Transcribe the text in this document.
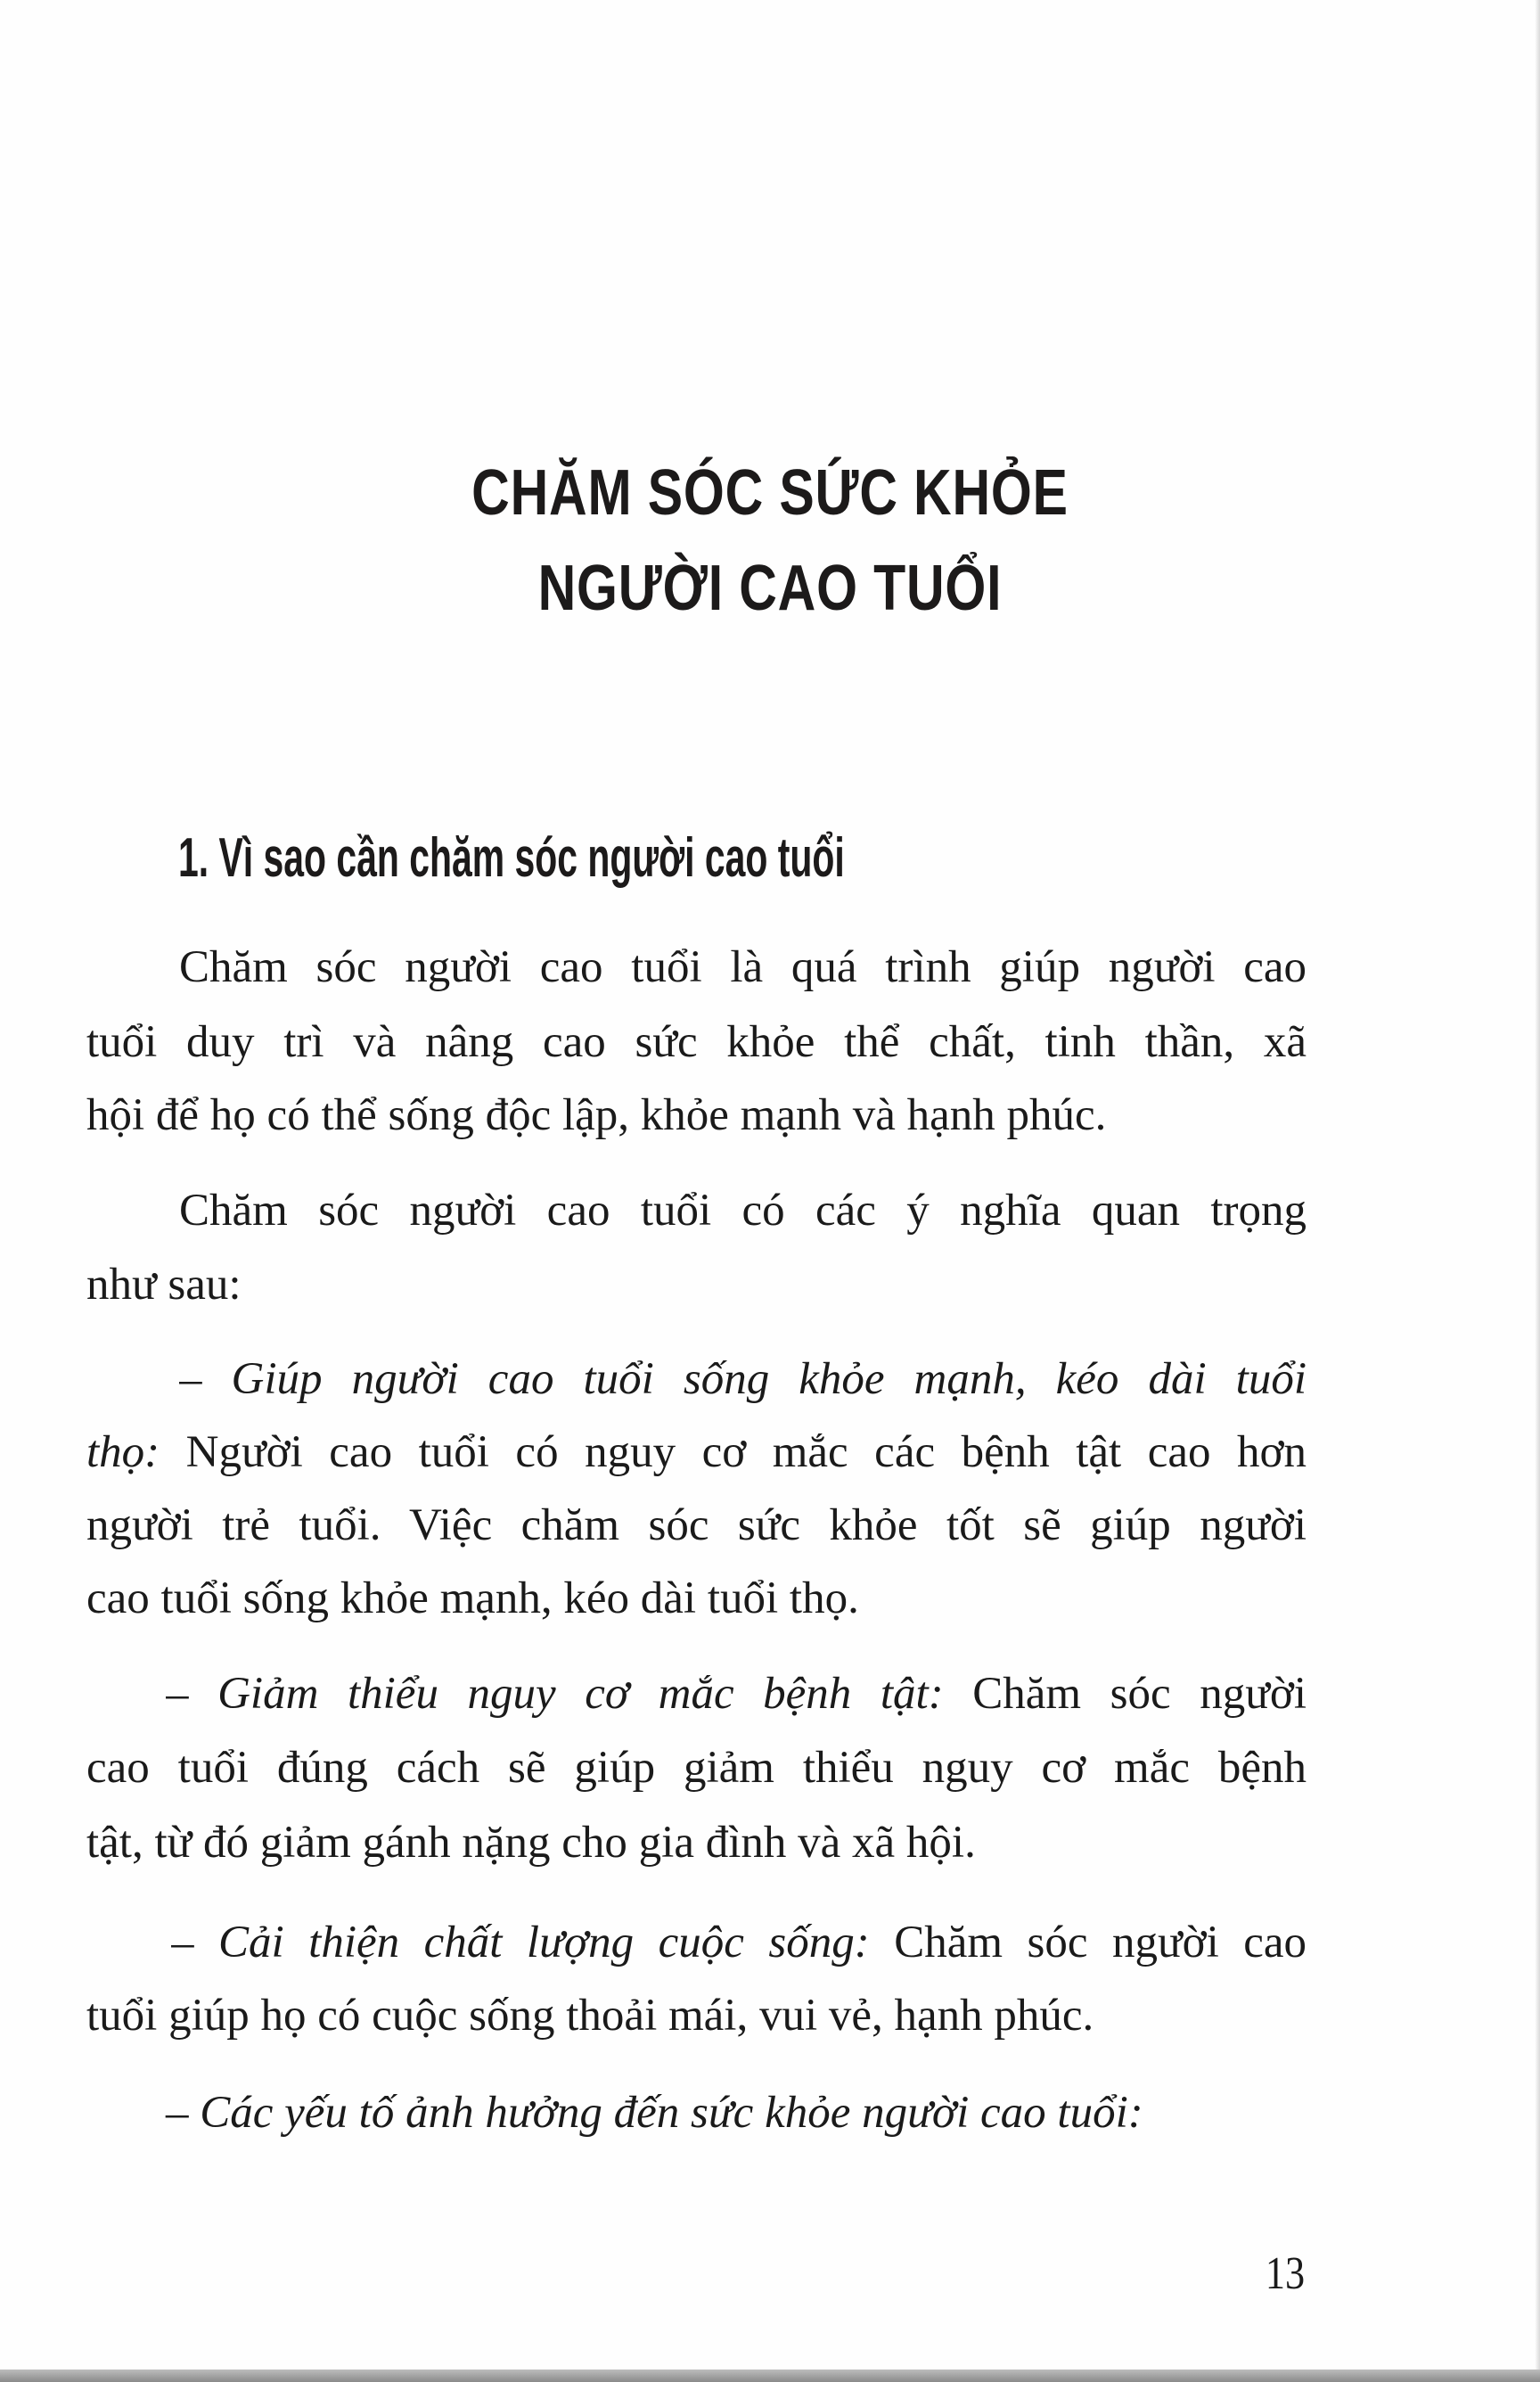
CHĂM SÓC SỨC KHỎE
NGƯỜI CAO TUỔI
1. Vì sao cần chăm sóc người cao tuổi
Chăm sóc người cao tuổi là quá trình giúp người cao
tuổi duy trì và nâng cao sức khỏe thể chất, tinh thần, xã
hội để họ có thể sống độc lập, khỏe mạnh và hạnh phúc.
Chăm sóc người cao tuổi có các ý nghĩa quan trọng
như sau:
– Giúp người cao tuổi sống khỏe mạnh, kéo dài tuổi
thọ: Người cao tuổi có nguy cơ mắc các bệnh tật cao hơn
người trẻ tuổi. Việc chăm sóc sức khỏe tốt sẽ giúp người
cao tuổi sống khỏe mạnh, kéo dài tuổi thọ.
– Giảm thiểu nguy cơ mắc bệnh tật: Chăm sóc người
cao tuổi đúng cách sẽ giúp giảm thiểu nguy cơ mắc bệnh
tật, từ đó giảm gánh nặng cho gia đình và xã hội.
– Cải thiện chất lượng cuộc sống: Chăm sóc người cao
tuổi giúp họ có cuộc sống thoải mái, vui vẻ, hạnh phúc.
– Các yếu tố ảnh hưởng đến sức khỏe người cao tuổi:
13
